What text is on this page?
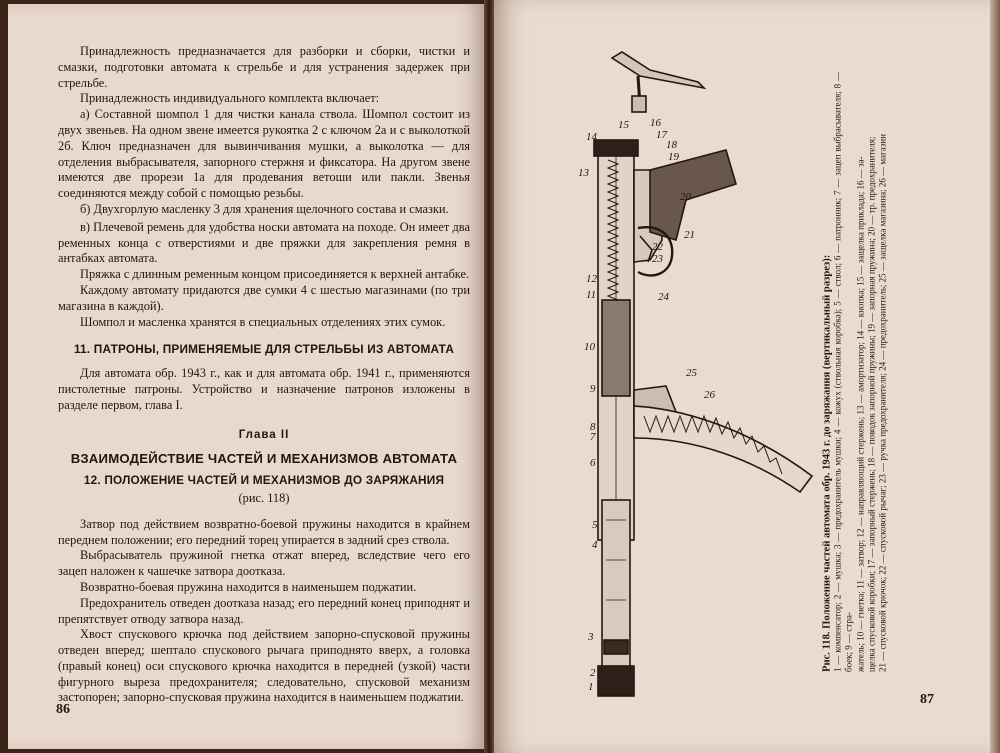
Принадлежность предназначается для разборки и сборки, чистки и смазки, подготовки автомата к стрельбе и для устранения задержек при стрельбе.

Принадлежность индивидуального комплекта включает:

а) Составной шомпол 1 для чистки канала ствола. Шомпол состоит из двух звеньев. На одном звене имеется рукоятка 2 с ключом 2а и с выколоткой 2б. Ключ предназначен для вывинчивания мушки, а выколотка — для отделения выбрасывателя, запорного стержня и фиксатора. На другом звене имеются две прорези 1а для продевания ветоши или пакли. Звенья соединяются между собой с помощью резьбы.

б) Двухгорлую масленку 3 для хранения щелочного состава и смазки.

в) Плечевой ремень для удобства носки автомата на походе. Он имеет два ременных конца с отверстиями и две пряжки для закрепления ремня в антабках автомата.

Пряжка с длинным ременным концом присоединяется к верхней антабке.

Каждому автомату придаются две сумки 4 с шестью магазинами (по три магазина в каждой).

Шомпол и масленка хранятся в специальных отделениях этих сумок.

11. ПАТРОНЫ, ПРИМЕНЯЕМЫЕ ДЛЯ СТРЕЛЬБЫ ИЗ АВТОМАТА

Для автомата обр. 1943 г., как и для автомата обр. 1941 г., применяются пистолетные патроны. Устройство и назначение патронов изложены в разделе первом, глава I.

Глава II
ВЗАИМОДЕЙСТВИЕ ЧАСТЕЙ И МЕХАНИЗМОВ АВТОМАТА
12. ПОЛОЖЕНИЕ ЧАСТЕЙ И МЕХАНИЗМОВ ДО ЗАРЯЖАНИЯ
(рис. 118)

Затвор под действием возвратно-боевой пружины находится в крайнем переднем положении; его передний торец упирается в задний срез ствола.

Выбрасыватель пружиной гнетка отжат вперед, вследствие чего его зацеп наложен к чашечке затвора доотказа.

Возвратно-боевая пружина находится в наименьшем поджатии.

Предохранитель отведен доотказа назад; его передний конец приподнят и препятствует отводу затвора назад.

Хвост спускового крючка под действием запорно-спусковой пружины отведен вперед; шептало спускового рычага приподнято вверх, а головка (правый конец) оси спускового крючка находится в передней (узкой) части фигурного выреза предохранителя; следовательно, спусковой механизм застопорен; запорно-спусковая пружина находится в наименьшем поджатии.

86
1
2
3
4
5
6
7
8
9
10
11
12
13
14
15 16
17
18
19
20
21
22
23
24
25
26	Рис. 118. Положение частей автомата обр. 1943 г. до заряжания (вертикальный разрез): 1 — компенсатор; 2 — мушка; 3 — предохранитель мушки; 4 — кожух (ствольная коробка); 5 — ствол; 6 — патронник; 7 — зацеп выбрасывателя; 8 — боек; 9 — стра- жатель; 10 — гнетка; 11 — затвор; 12 — направляющий стержень; 13 — амортизатор; 14 — кнопка; 15 — защелка приклада; 16 — за- щелка спусковой коробки; 17 — запорный стержень; 18 — поводок запорной пружины; 19 — запорная пружина; 20 — тр. предохранителя; 21 — спусковой крючок; 22 — спусковой рычаг; 23 — ручка предохранителя; 24 — предохранитель; 25 — защелка магазина; 26 — магазин
87
